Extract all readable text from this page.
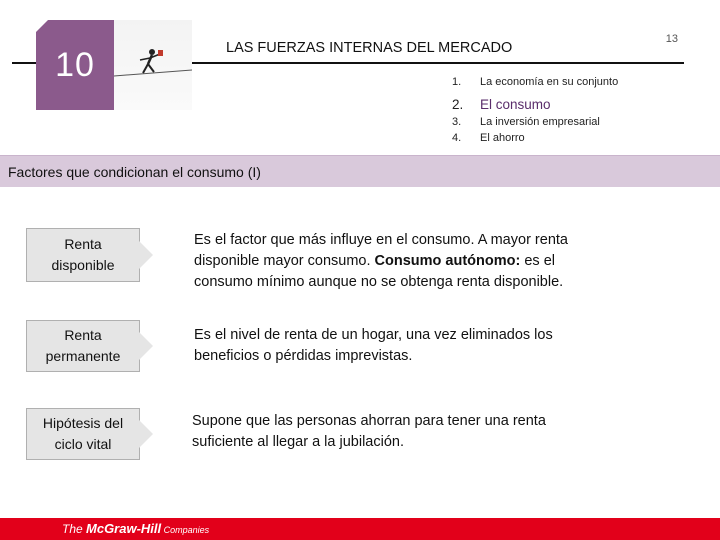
13
10	LAS FUERZAS INTERNAS DEL MERCADO
1.	La economía en su conjunto
2.	El consumo
3.	La inversión empresarial
4.	El ahorro
Factores que condicionan el consumo (I)
Renta
disponible
Es el factor que más influye en el consumo. A mayor renta
disponible mayor consumo. Consumo autónomo: es el
consumo mínimo aunque no se obtenga renta disponible.
Renta
permanente
Es el nivel de renta de un hogar, una vez eliminados los
beneficios o pérdidas imprevistas.
Hipótesis del
ciclo vital
Supone que las personas ahorran para tener una renta
suficiente al llegar a la jubilación.
The McGraw-Hill Companies
